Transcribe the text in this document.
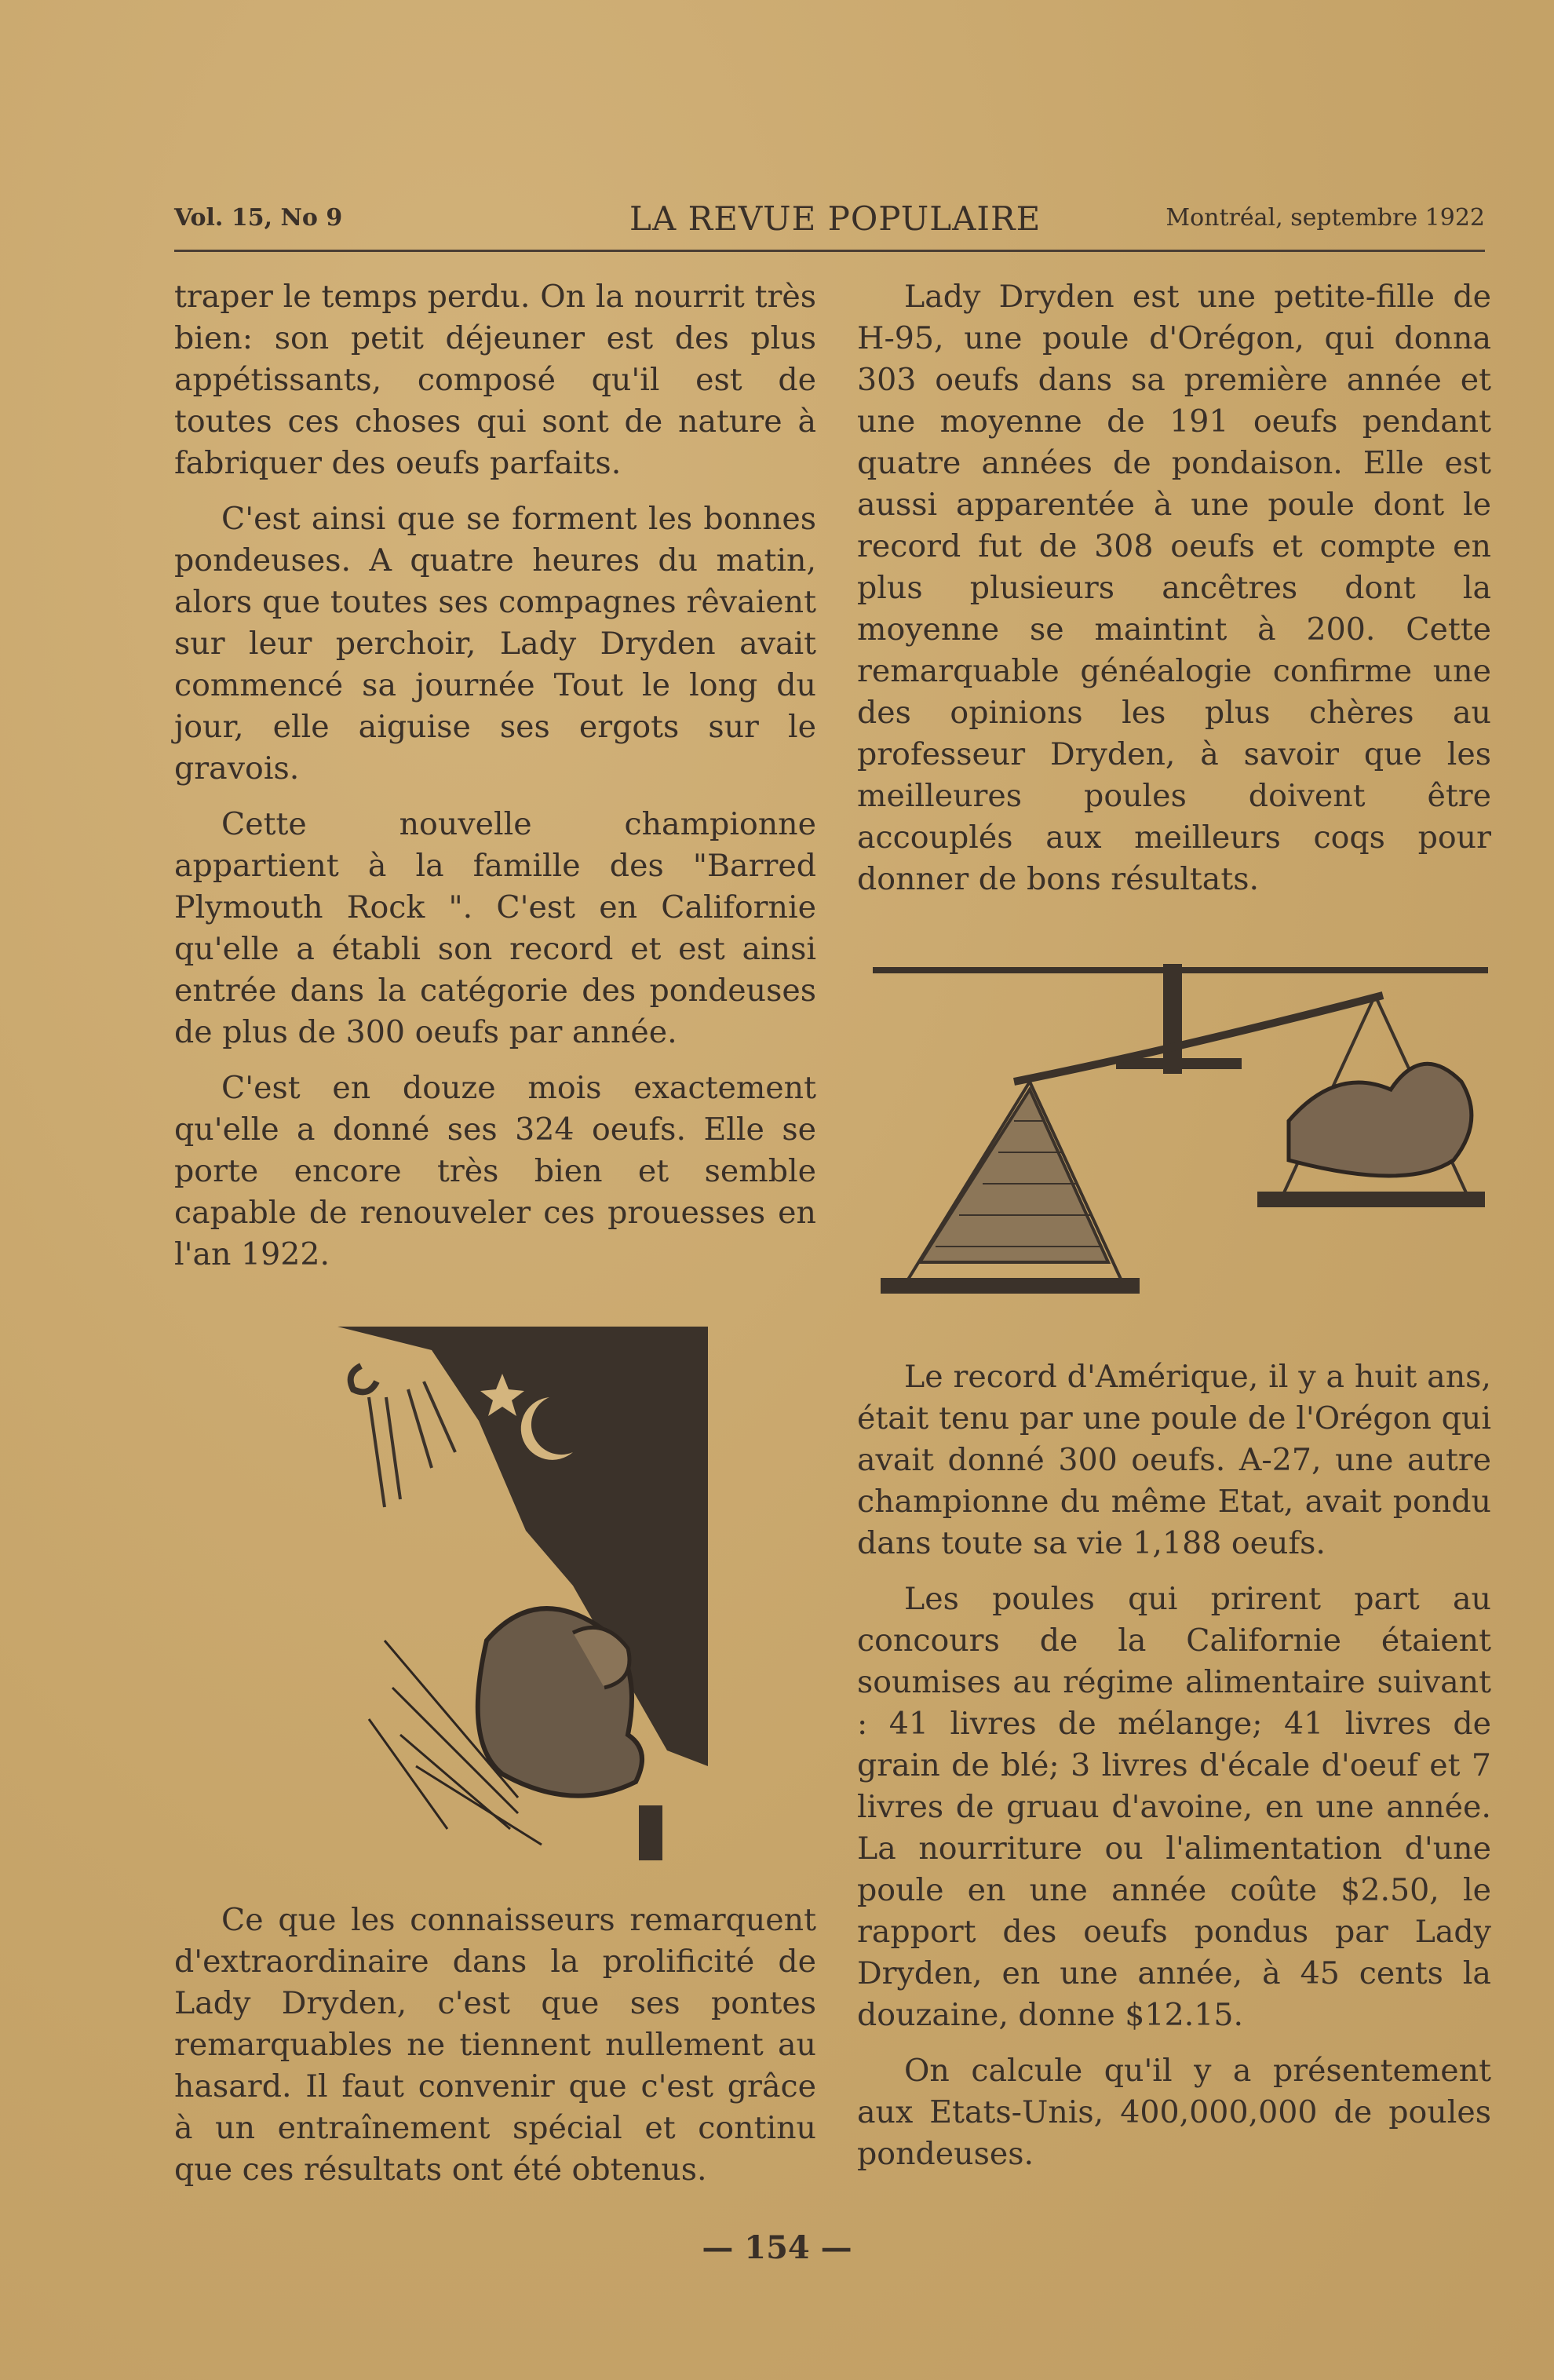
Vol. 15, No 9	LA REVUE POPULAIRE	Montréal, septembre 1922

traper le temps perdu. On la nourrit très bien: son petit déjeuner est des plus appétissants, composé qu'il est de toutes ces choses qui sont de nature à fabriquer des oeufs parfaits.

C'est ainsi que se forment les bonnes pondeuses. A quatre heures du matin, alors que toutes ses compagnes rêvaient sur leur perchoir, Lady Dryden avait commencé sa journée Tout le long du jour, elle aiguise ses ergots sur le gravois.

Cette nouvelle championne appartient à la famille des "Barred Plymouth Rock ". C'est en Californie qu'elle a établi son record et est ainsi entrée dans la catégorie des pondeuses de plus de 300 oeufs par année.

C'est en douze mois exactement qu'elle a donné ses 324 oeufs. Elle se porte encore très bien et semble capable de renouveler ces prouesses en l'an 1922.

Ce que les connaisseurs remarquent d'extraordinaire dans la prolificité de Lady Dryden, c'est que ses pontes remarquables ne tiennent nullement au hasard. Il faut convenir que c'est grâce à un entraînement spécial et continu que ces résultats ont été obtenus.

Lady Dryden est une petite-fille de H-95, une poule d'Orégon, qui donna 303 oeufs dans sa première année et une moyenne de 191 oeufs pendant quatre années de pondaison. Elle est aussi apparentée à une poule dont le record fut de 308 oeufs et compte en plus plusieurs ancêtres dont la moyenne se maintint à 200. Cette remarquable généalogie confirme une des opinions les plus chères au professeur Dryden, à savoir que les meilleures poules doivent être accouplés aux meilleurs coqs pour donner de bons résultats.

Le record d'Amérique, il y a huit ans, était tenu par une poule de l'Orégon qui avait donné 300 oeufs. A-27, une autre championne du même Etat, avait pondu dans toute sa vie 1,188 oeufs.

Les poules qui prirent part au concours de la Californie étaient soumises au régime alimentaire suivant : 41 livres de mélange; 41 livres de grain de blé; 3 livres d'écale d'oeuf et 7 livres de gruau d'avoine, en une année. La nourriture ou l'alimentation d'une poule en une année coûte $2.50, le rapport des oeufs pondus par Lady Dryden, en une année, à 45 cents la douzaine, donne $12.15.

On calcule qu'il y a présentement aux Etats-Unis, 400,000,000 de poules pondeuses.

— 154 —
